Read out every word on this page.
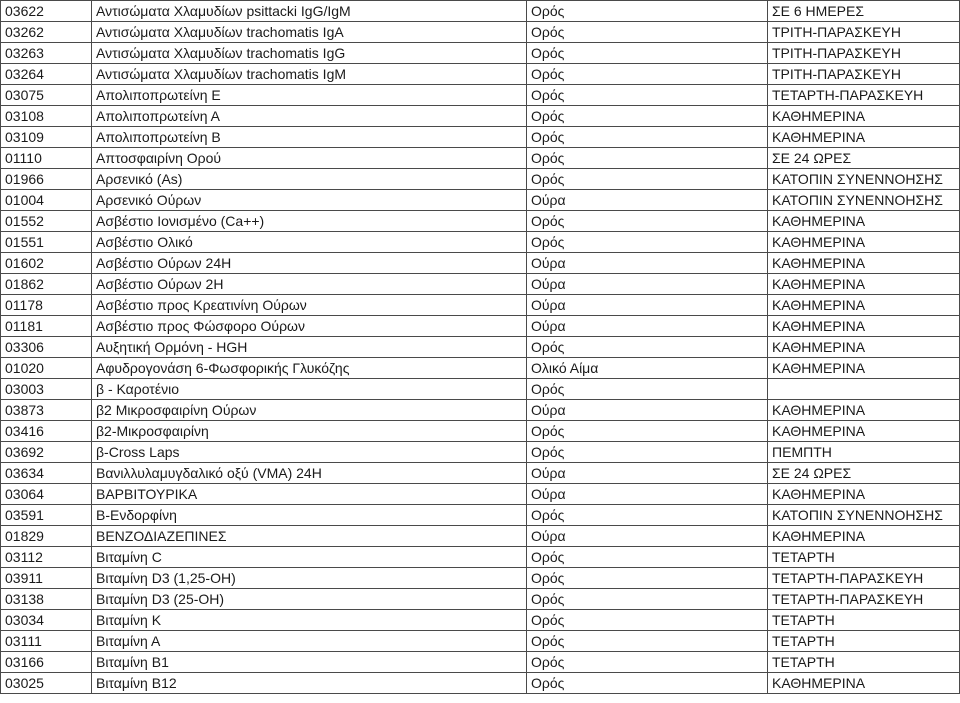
03622	Αντισώματα Χλαμυδίων psittacki IgG/IgM	Ορός	ΣΕ 6 ΗΜΕΡΕΣ
03262	Αντισώματα Χλαμυδίων trachomatis IgA	Ορός	ΤΡΙΤΗ-ΠΑΡΑΣΚΕΥΗ
03263	Αντισώματα Χλαμυδίων trachomatis IgG	Ορός	ΤΡΙΤΗ-ΠΑΡΑΣΚΕΥΗ
03264	Αντισώματα Χλαμυδίων trachomatis IgM	Ορός	ΤΡΙΤΗ-ΠΑΡΑΣΚΕΥΗ
03075	Απολιποπρωτείνη Ε	Ορός	ΤΕΤΑΡΤΗ-ΠΑΡΑΣΚΕΥΗ
03108	Απολιποπρωτείνη Α	Ορός	ΚΑΘΗΜΕΡΙΝΑ
03109	Απολιποπρωτείνη Β	Ορός	ΚΑΘΗΜΕΡΙΝΑ
01110	Απτοσφαιρίνη Ορού	Ορός	ΣΕ 24 ΩΡΕΣ
01966	Αρσενικό (As)	Ορός	ΚΑΤΟΠΙΝ ΣΥΝΕΝΝΟΗΣΗΣ
01004	Αρσενικό Ούρων	Ούρα	ΚΑΤΟΠΙΝ ΣΥΝΕΝΝΟΗΣΗΣ
01552	Ασβέστιο Ιονισμένο (Ca++)	Ορός	ΚΑΘΗΜΕΡΙΝΑ
01551	Ασβέστιο Ολικό	Ορός	ΚΑΘΗΜΕΡΙΝΑ
01602	Ασβέστιο Ούρων 24Η	Ούρα	ΚΑΘΗΜΕΡΙΝΑ
01862	Ασβέστιο Ούρων 2Η	Ούρα	ΚΑΘΗΜΕΡΙΝΑ
01178	Ασβέστιο προς Κρεατινίνη Ούρων	Ούρα	ΚΑΘΗΜΕΡΙΝΑ
01181	Ασβέστιο προς Φώσφορο Ούρων	Ούρα	ΚΑΘΗΜΕΡΙΝΑ
03306	Αυξητική Ορμόνη - HGH	Ορός	ΚΑΘΗΜΕΡΙΝΑ
01020	Αφυδρογονάση 6-Φωσφορικής Γλυκόζης	Ολικό Αίμα	ΚΑΘΗΜΕΡΙΝΑ
03003	β - Καροτένιο	Ορός	
03873	β2 Μικροσφαιρίνη Ούρων	Ούρα	ΚΑΘΗΜΕΡΙΝΑ
03416	β2-Μικροσφαιρίνη	Ορός	ΚΑΘΗΜΕΡΙΝΑ
03692	β-Cross Laps	Ορός	ΠΕΜΠΤΗ
03634	Βανιλλυλαμυγδαλικό οξύ (VMA) 24Η	Ούρα	ΣΕ 24 ΩΡΕΣ
03064	ΒΑΡΒΙΤΟΥΡΙΚΑ	Ούρα	ΚΑΘΗΜΕΡΙΝΑ
03591	Β-Ενδορφίνη	Ορός	ΚΑΤΟΠΙΝ ΣΥΝΕΝΝΟΗΣΗΣ
01829	ΒΕΝΖΟΔΙΑΖΕΠΙΝΕΣ	Ούρα	ΚΑΘΗΜΕΡΙΝΑ
03112	Βιταμίνη C	Ορός	ΤΕΤΑΡΤΗ
03911	Βιταμίνη D3 (1,25-OH)	Ορός	ΤΕΤΑΡΤΗ-ΠΑΡΑΣΚΕΥΗ
03138	Βιταμίνη D3 (25-OH)	Ορός	ΤΕΤΑΡΤΗ-ΠΑΡΑΣΚΕΥΗ
03034	Βιταμίνη Κ	Ορός	ΤΕΤΑΡΤΗ
03111	Βιταμίνη Α	Ορός	ΤΕΤΑΡΤΗ
03166	Βιταμίνη Β1	Ορός	ΤΕΤΑΡΤΗ
03025	Βιταμίνη Β12	Ορός	ΚΑΘΗΜΕΡΙΝΑ
